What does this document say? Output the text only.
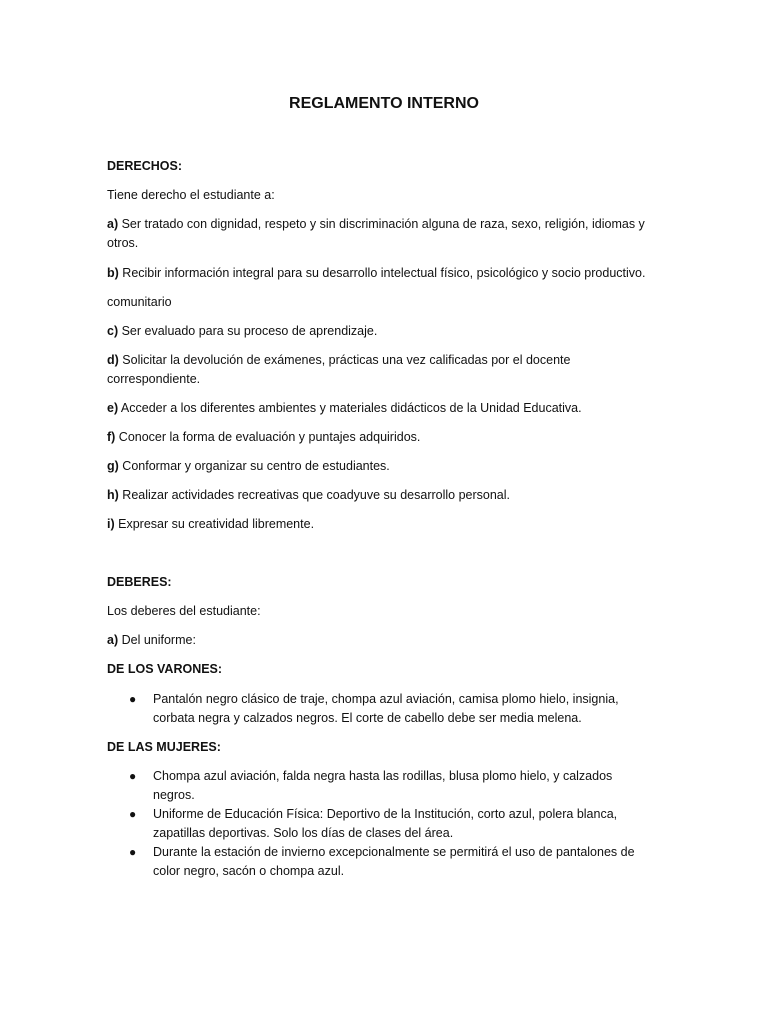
REGLAMENTO INTERNO

DERECHOS:

Tiene derecho el estudiante a:

a) Ser tratado con dignidad, respeto y sin discriminación alguna de raza, sexo, religión, idiomas y
otros.

b) Recibir información integral para su desarrollo intelectual físico, psicológico y socio productivo.

comunitario

c) Ser evaluado para su proceso de aprendizaje.

d) Solicitar la devolución de exámenes, prácticas una vez calificadas por el docente
correspondiente.

e) Acceder a los diferentes ambientes y materiales didácticos de la Unidad Educativa.

f) Conocer la forma de evaluación y puntajes adquiridos.

g) Conformar y organizar su centro de estudiantes.

h) Realizar actividades recreativas que coadyuve su desarrollo personal.

i) Expresar su creatividad libremente.

DEBERES:

Los deberes del estudiante:

a) Del uniforme:

DE LOS VARONES:

● Pantalón negro clásico de traje, chompa azul aviación, camisa plomo hielo, insignia,
corbata negra y calzados negros. El corte de cabello debe ser media melena.

DE LAS MUJERES:

● Chompa azul aviación, falda negra hasta las rodillas, blusa plomo hielo, y calzados negros.
● Uniforme de Educación Física: Deportivo de la Institución, corto azul, polera blanca,
zapatillas deportivas. Solo los días de clases del área.
● Durante la estación de invierno excepcionalmente se permitirá el uso de pantalones de
color negro, sacón o chompa azul.
